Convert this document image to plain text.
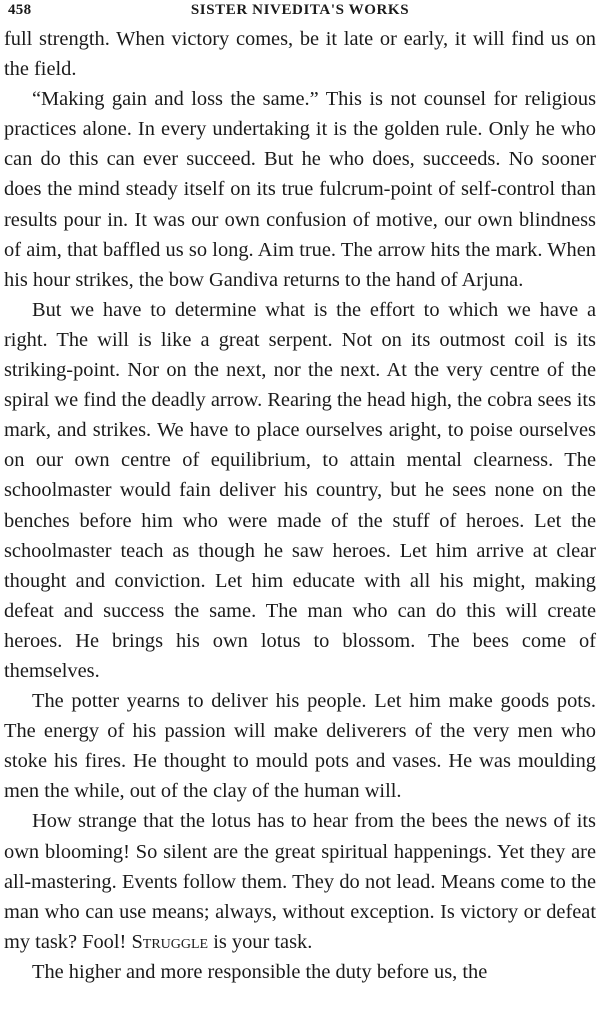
458	SISTER NIVEDITA'S WORKS

full strength. When victory comes, be it late or early, it will find us on the field.

“Making gain and loss the same.” This is not counsel for religious practices alone. In every undertaking it is the golden rule. Only he who can do this can ever succeed. But he who does, succeeds. No sooner does the mind steady itself on its true fulcrum-point of self-control than results pour in. It was our own confusion of motive, our own blindness of aim, that baffled us so long. Aim true. The arrow hits the mark. When his hour strikes, the bow Gandiva returns to the hand of Arjuna.

But we have to determine what is the effort to which we have a right. The will is like a great serpent. Not on its outmost coil is its striking-point. Nor on the next, nor the next. At the very centre of the spiral we find the deadly arrow. Rearing the head high, the cobra sees its mark, and strikes. We have to place ourselves aright, to poise ourselves on our own centre of equilibrium, to attain mental clearness. The schoolmaster would fain deliver his country, but he sees none on the benches before him who were made of the stuff of heroes. Let the schoolmaster teach as though he saw heroes. Let him arrive at clear thought and conviction. Let him educate with all his might, making defeat and success the same. The man who can do this will create heroes. He brings his own lotus to blossom. The bees come of themselves.

The potter yearns to deliver his people. Let him make goods pots. The energy of his passion will make deliverers of the very men who stoke his fires. He thought to mould pots and vases. He was moulding men the while, out of the clay of the human will.

How strange that the lotus has to hear from the bees the news of its own blooming! So silent are the great spiritual happenings. Yet they are all-mastering. Events follow them. They do not lead. Means come to the man who can use means; always, without exception. Is victory or defeat my task? Fool! Struggle is your task.

The higher and more responsible the duty before us, the
